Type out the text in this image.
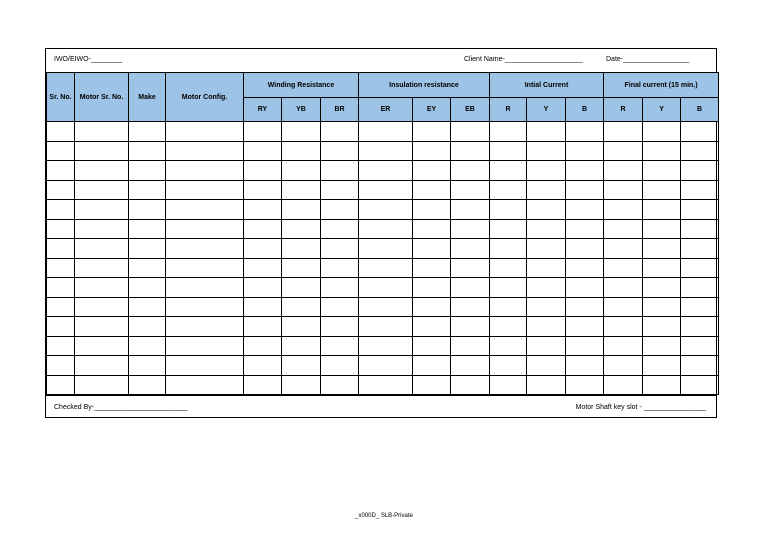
IWO/EIWO-________	Client Name-____________________	Date-_________________
Sr. No.	Motor Sr. No.	Make	Motor Config.	Winding Resistance			Insulation resistance			Intial Current			Final current (15 min.)		
				RY	YB	BR	ER	EY	EB	R	Y	B	R	Y	B

Checked By-________________________	Motor Shaft key slot - ________________
_x000D_ SLB-Private
